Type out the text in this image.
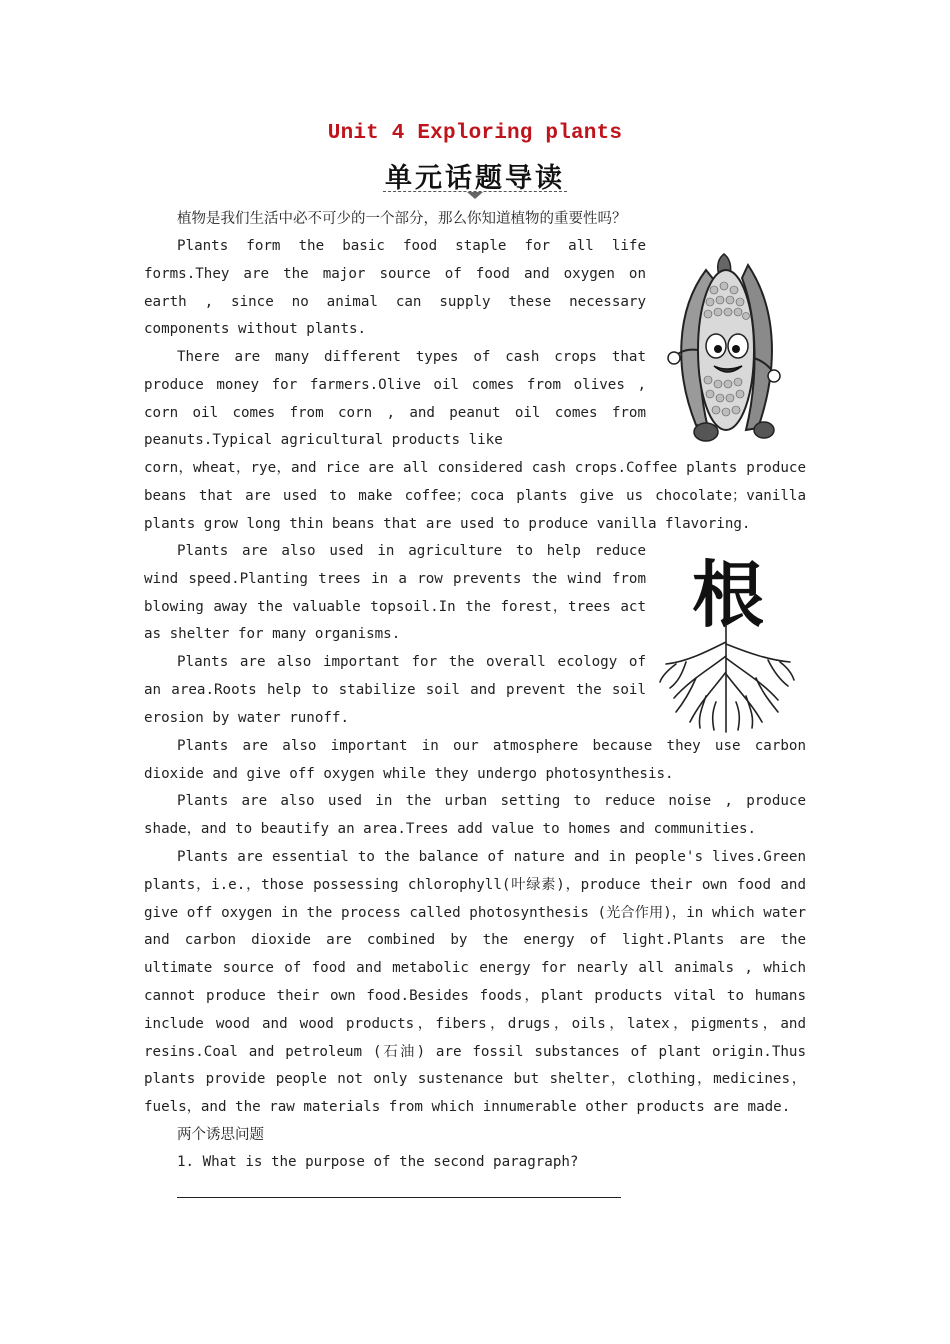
Unit 4 Exploring plants
单元话题导读

植物是我们生活中必不可少的一个部分，那么你知道植物的重要性吗？

Plants form the basic food staple for all life forms.They are the major source of food and oxygen on earth , since no animal can supply these necessary components without plants.

There are many different types of cash crops that produce money for farmers.Olive oil comes from olives , corn oil comes from corn , and peanut oil comes from peanuts.Typical agricultural products like

corn，wheat，rye，and rice are all considered cash crops.Coffee plants produce beans that are used to make coffee；coca plants give us chocolate；vanilla plants grow long thin beans that are used to produce vanilla flavoring.

Plants are also used in agriculture to help reduce wind speed.Planting trees in a row prevents the wind from blowing away the valuable topsoil.In the forest，trees act as shelter for many organisms.

Plants are also important for the overall ecology of an area.Roots help to stabilize soil and prevent the soil erosion by water runoff.

Plants are also important in our atmosphere because they use carbon dioxide and give off oxygen while they undergo photosynthesis.

Plants are also used in the urban setting to reduce noise , produce shade，and to beautify an area.Trees add value to homes and communities.

Plants are essential to the balance of nature and in people's lives.Green plants，i.e.，those possessing chlorophyll(叶绿素)，produce their own food and give off oxygen in the process called photosynthesis (光合作用)，in which water and carbon dioxide are combined by the energy of light.Plants are the ultimate source of food and metabolic energy for nearly all animals , which cannot produce their own food.Besides foods，plant products vital to humans include wood and wood products，fibers，drugs，oils，latex，pigments，and resins.Coal and petroleum (石油) are fossil substances of plant origin.Thus plants provide people not only sustenance but shelter，clothing，medicines，fuels，and the raw materials from which innumerable other products are made.

两个诱思问题

1. What is the purpose of the second paragraph?

根
